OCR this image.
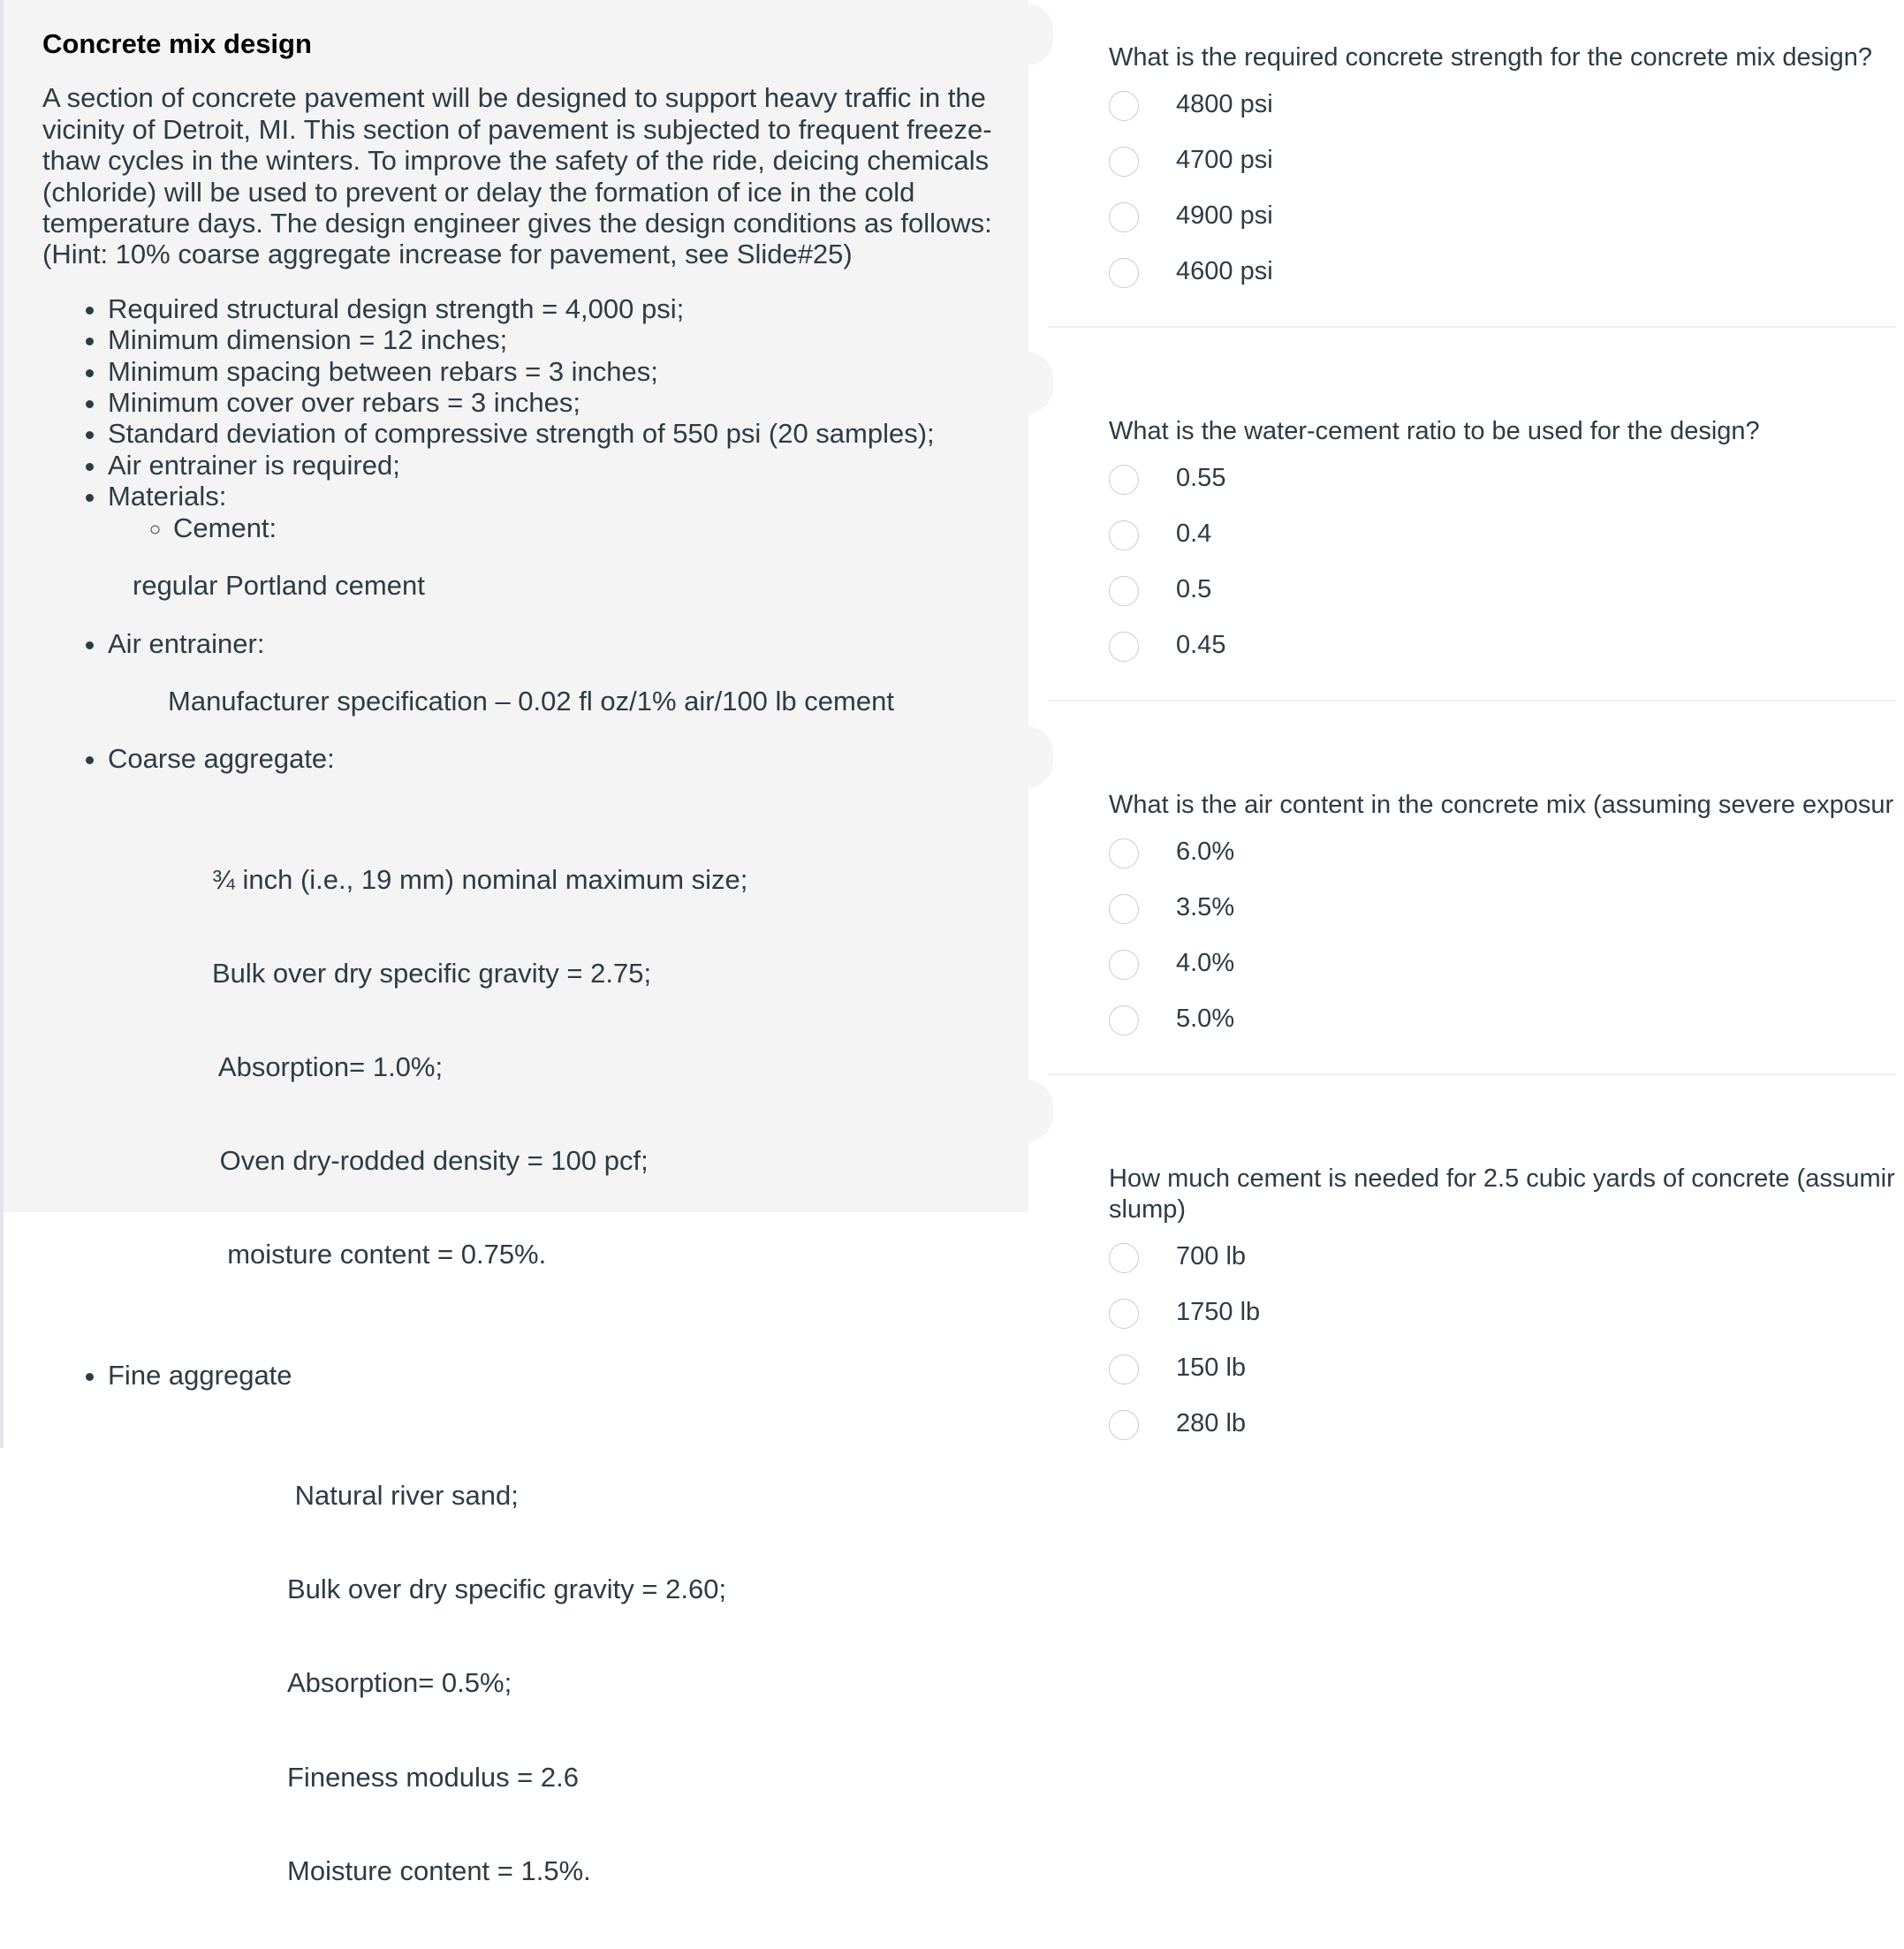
Concrete mix design

A section of concrete pavement will be designed to support heavy traffic in the

vicinity of Detroit, MI. This section of pavement is subjected to frequent freeze-

thaw cycles in the winters. To improve the safety of the ride, deicing chemicals

(chloride) will be used to prevent or delay the formation of ice in the cold

temperature days. The design engineer gives the design conditions as follows:

(Hint: 10% coarse aggregate increase for pavement, see Slide#25)

• Required structural design strength = 4,000 psi;
• Minimum dimension = 12 inches;
• Minimum spacing between rebars = 3 inches;
• Minimum cover over rebars = 3 inches;
• Standard deviation of compressive strength of 550 psi (20 samples);
• Air entrainer is required;
• Materials:
◦ Cement:

regular Portland cement

• Air entrainer:

Manufacturer specification – 0.02 fl oz/1% air/100 lb cement

• Coarse aggregate:

¾ inch (i.e., 19 mm) nominal maximum size;

Bulk over dry specific gravity = 2.75;

Absorption= 1.0%;

Oven dry-rodded density = 100 pcf;

moisture content = 0.75%.

• Fine aggregate

Natural river sand;

Bulk over dry specific gravity = 2.60;

Absorption= 0.5%;

Fineness modulus = 2.6

Moisture content = 1.5%.

What is the required concrete strength for the concrete mix design?
4800 psi
4700 psi
4900 psi
4600 psi
What is the water-cement ratio to be used for the design?
0.55
0.4
0.5
0.45
What is the air content in the concrete mix (assuming severe exposur
6.0%
3.5%
4.0%
5.0%
How much cement is needed for 2.5 cubic yards of concrete (assumir
slump)
700 lb
1750 lb
150 lb
280 lb
